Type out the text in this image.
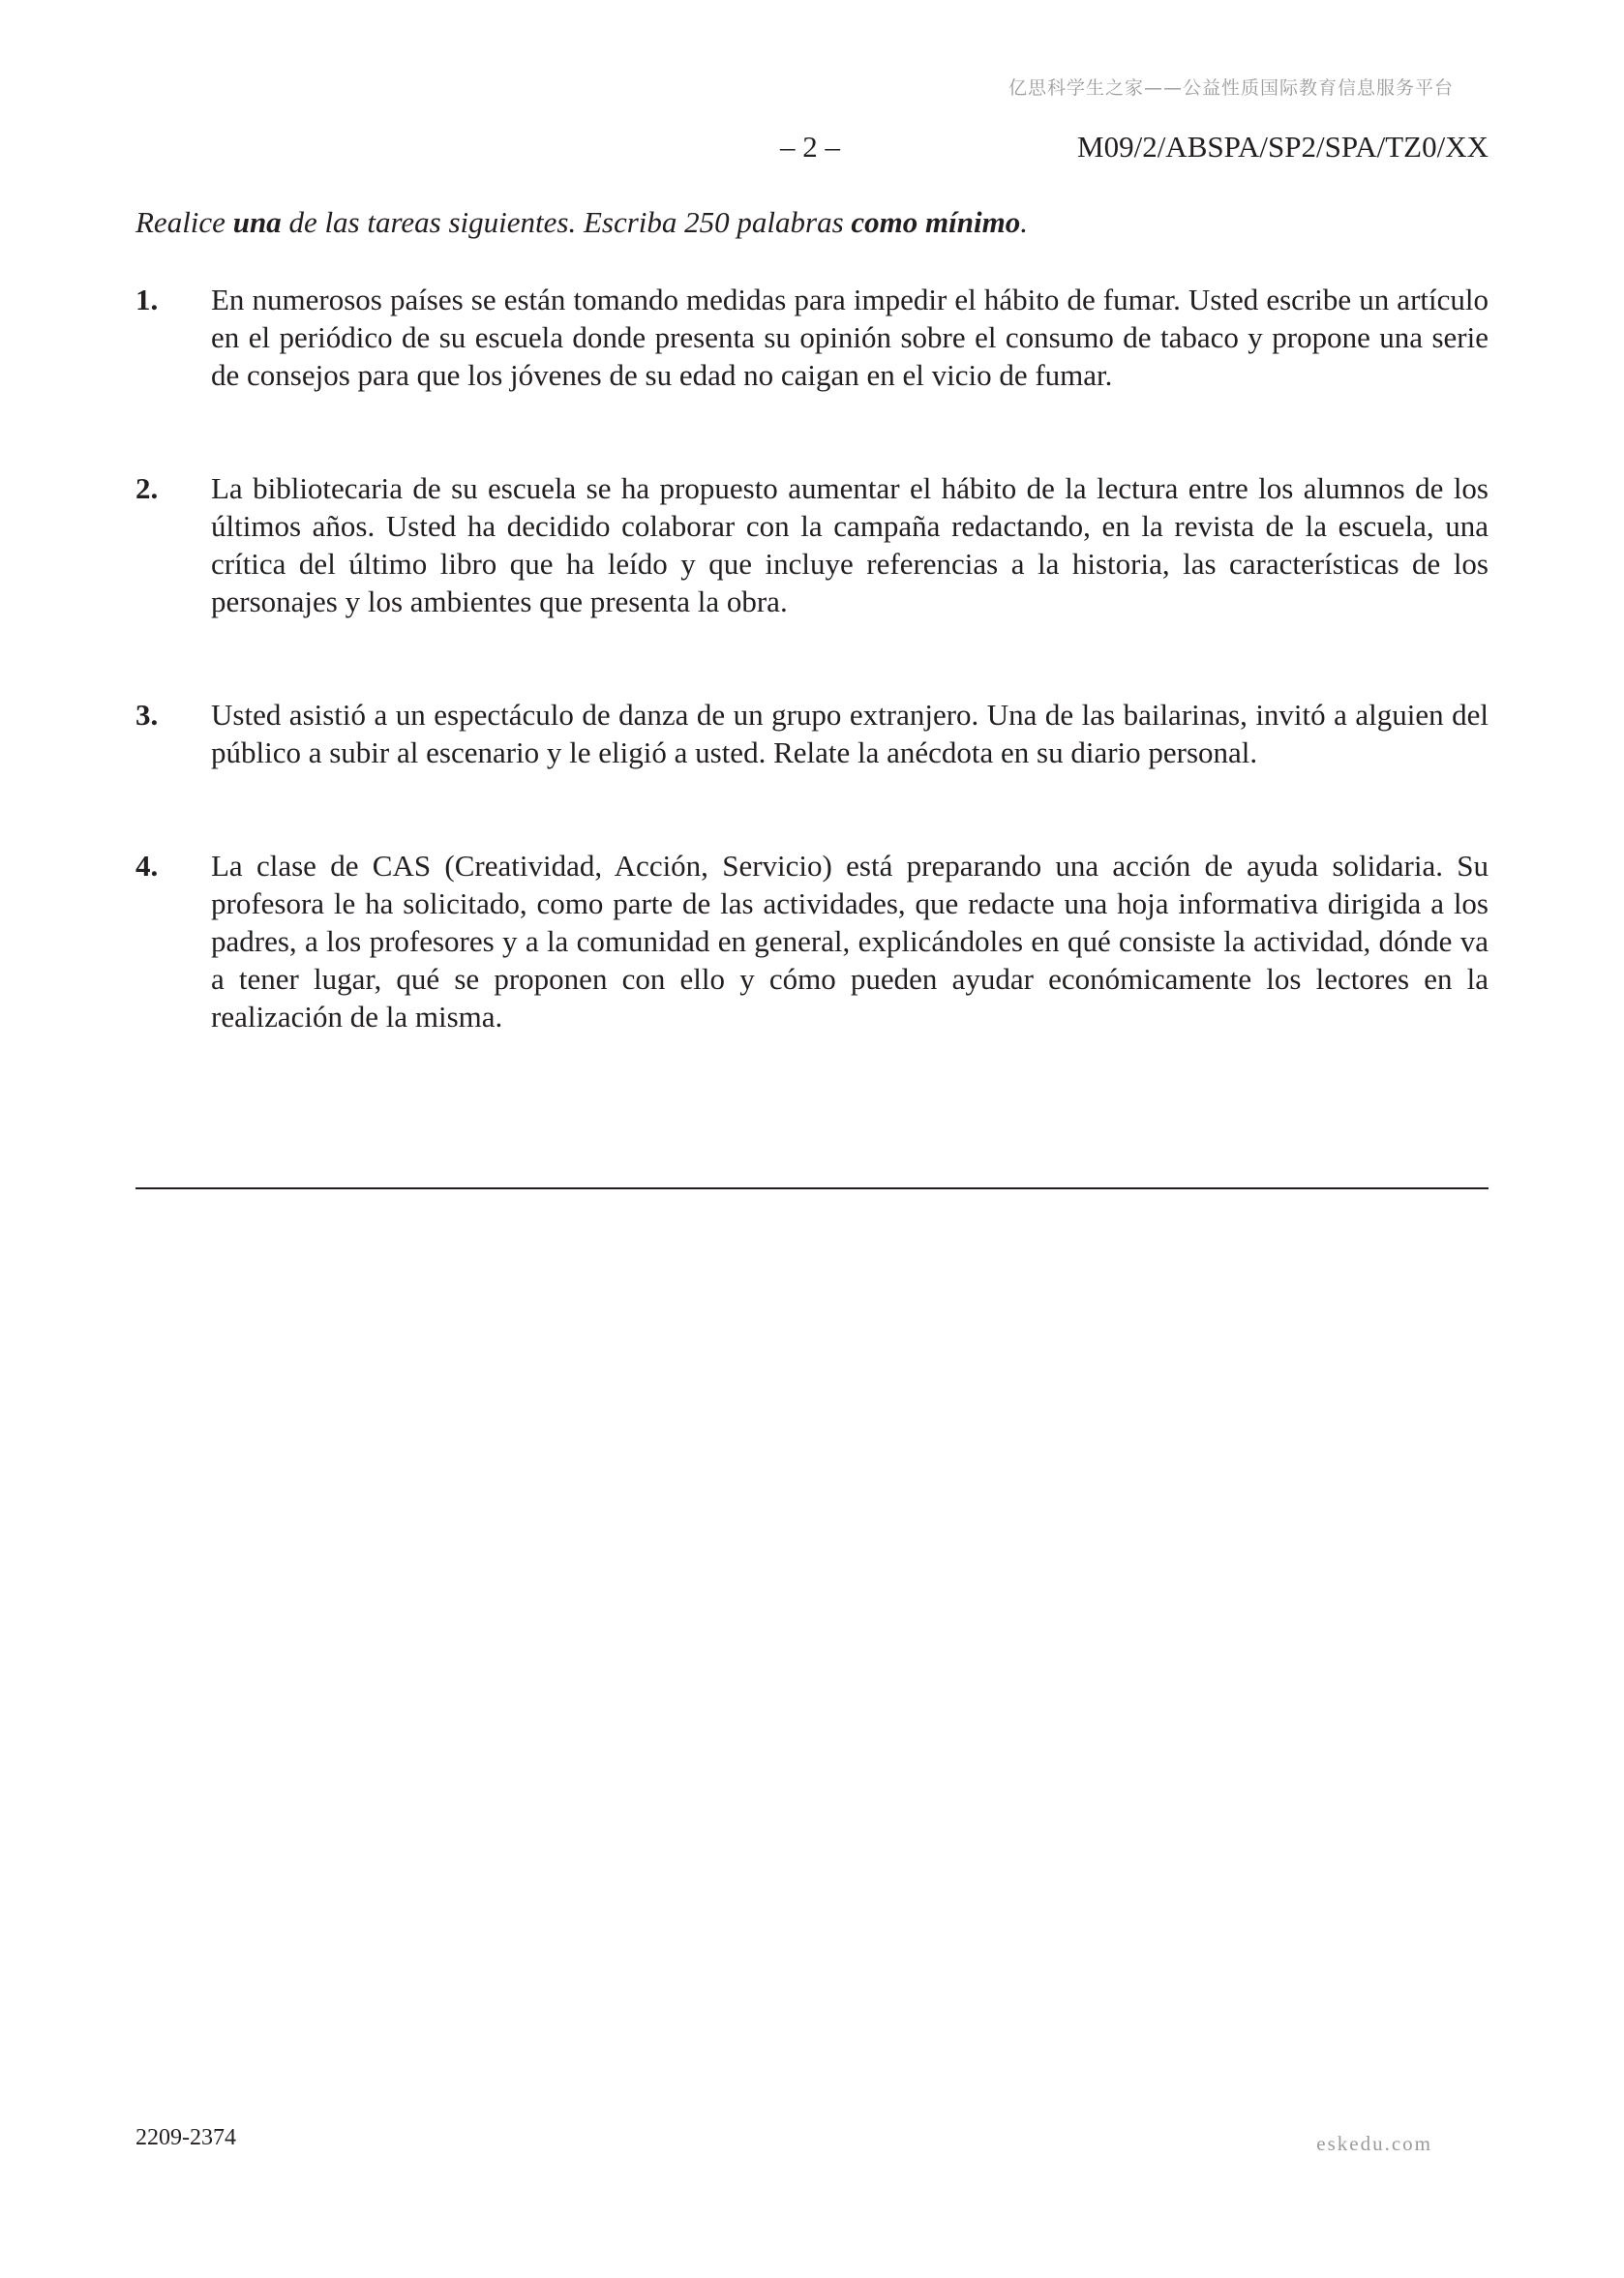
亿思科学生之家——公益性质国际教育信息服务平台
– 2 –	M09/2/ABSPA/SP2/SPA/TZ0/XX
Realice una de las tareas siguientes. Escriba 250 palabras como mínimo.
1. En numerosos países se están tomando medidas para impedir el hábito de fumar. Usted escribe un artículo en el periódico de su escuela donde presenta su opinión sobre el consumo de tabaco y propone una serie de consejos para que los jóvenes de su edad no caigan en el vicio de fumar.
2. La bibliotecaria de su escuela se ha propuesto aumentar el hábito de la lectura entre los alumnos de los últimos años. Usted ha decidido colaborar con la campaña redactando, en la revista de la escuela, una crítica del último libro que ha leído y que incluye referencias a la historia, las características de los personajes y los ambientes que presenta la obra.
3. Usted asistió a un espectáculo de danza de un grupo extranjero. Una de las bailarinas, invitó a alguien del público a subir al escenario y le eligió a usted. Relate la anécdota en su diario personal.
4. La clase de CAS (Creatividad, Acción, Servicio) está preparando una acción de ayuda solidaria. Su profesora le ha solicitado, como parte de las actividades, que redacte una hoja informativa dirigida a los padres, a los profesores y a la comunidad en general, explicándoles en qué consiste la actividad, dónde va a tener lugar, qué se proponen con ello y cómo pueden ayudar económicamente los lectores en la realización de la misma.
2209-2374	eskedu.com
